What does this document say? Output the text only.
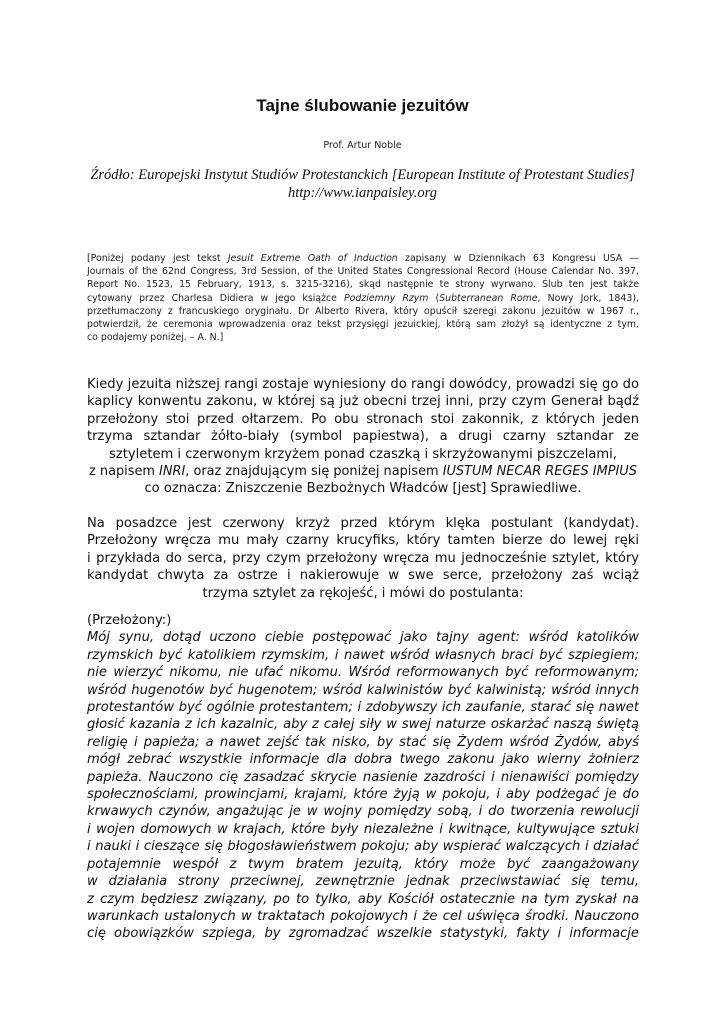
Tajne ślubowanie jezuitów
Prof. Artur Noble
Źródło: Europejski Instytut Studiów Protestanckich [European Institute of Protestant Studies]
http://www.ianpaisley.org
[Poniżej podany jest tekst Jesuit Extreme Oath of Induction zapisany w Dziennikach 63 Kongresu USA —
Journals of the 62nd Congress, 3rd Session, of the United States Congressional Record (House Calendar No. 397,
Report No. 1523, 15 February, 1913, s. 3215-3216), skąd następnie te strony wyrwano. Ślub ten jest także
cytowany przez Charlesa Didiera w jego książce Podziemny Rzym (Subterranean Rome, Nowy Jork, 1843),
przetłumaczony z francuskiego oryginału. Dr Alberto Rivera, który opuścił szeregi zakonu jezuitów w 1967 r.,
potwierdził, że ceremonia wprowadzenia oraz tekst przysięgi jezuickiej, którą sam złożył są identyczne z tym,
co podajemy poniżej. – A. N.]
Kiedy jezuita niższej rangi zostaje wyniesiony do rangi dowódcy, prowadzi się go do
kaplicy konwentu zakonu, w której są już obecni trzej inni, przy czym Generał bądź
przełożony stoi przed ołtarzem. Po obu stronach stoi zakonnik, z których jeden
trzyma sztandar żółto-biały (symbol papiestwa), a drugi czarny sztandar ze
sztyletem i czerwonym krzyżem ponad czaszką i skrzyżowanymi piszczelami,
z napisem INRI, oraz znajdującym się poniżej napisem IUSTUM NECAR REGES IMPIUS
co oznacza: Zniszczenie Bezbożnych Władców [jest] Sprawiedliwe.
Na posadzce jest czerwony krzyż przed którym klęka postulant (kandydat).
Przełożony wręcza mu mały czarny krucyfiks, który tamten bierze do lewej ręki
i przykłada do serca, przy czym przełożony wręcza mu jednocześnie sztylet, który
kandydat chwyta za ostrze i nakierowuje w swe serce, przełożony zaś wciąż
trzyma sztylet za rękojeść, i mówi do postulanta:
(Przełożony:)
Mój synu, dotąd uczono ciebie postępować jako tajny agent: wśród katolików
rzymskich być katolikiem rzymskim, i nawet wśród własnych braci być szpiegiem;
nie wierzyć nikomu, nie ufać nikomu. Wśród reformowanych być reformowanym;
wśród hugenotów być hugenotem; wśród kalwinistów być kalwinistą; wśród innych
protestantów być ogólnie protestantem; i zdobywszy ich zaufanie, starać się nawet
głosić kazania z ich kazalnic, aby z całej siły w swej naturze oskarżać naszą świętą
religię i papieża; a nawet zejść tak nisko, by stać się Żydem wśród Żydów, abyś
mógł zebrać wszystkie informacje dla dobra twego zakonu jako wierny żołnierz
papieża. Nauczono cię zasadzać skrycie nasienie zazdrości i nienawiści pomiędzy
społecznościami, prowincjami, krajami, które żyją w pokoju, i aby podżegać je do
krwawych czynów, angażując je w wojny pomiędzy sobą, i do tworzenia rewolucji
i wojen domowych w krajach, które były niezależne i kwitnące, kultywujące sztuki
i nauki i cieszące się błogosławieństwem pokoju; aby wspierać walczących i działać
potajemnie wespół z twym bratem jezuitą, który może być zaangażowany
w działania strony przeciwnej, zewnętrznie jednak przeciwstawiać się temu,
z czym będziesz związany, po to tylko, aby Kościół ostatecznie na tym zyskał na
warunkach ustalonych w traktatach pokojowych i że cel uświęca środki. Nauczono
cię obowiązków szpiega, by zgromadzać wszelkie statystyki, fakty i informacje
